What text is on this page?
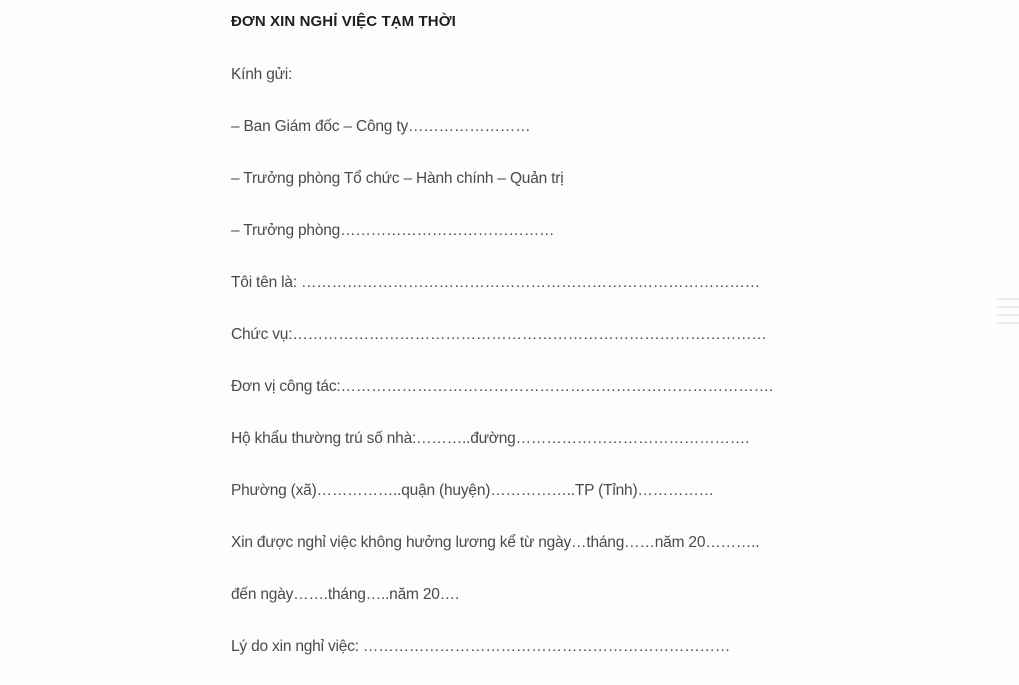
ĐƠN XIN NGHỈ VIỆC TẠM THỜI
Kính gửi:
– Ban Giám đốc – Công ty……………………
– Trưởng phòng Tổ chức – Hành chính – Quản trị
– Trưởng phòng……………………………………
Tôi tên là: ………………………………………………………………………………
Chức vụ:…………………………………………………………………………………
Đơn vị công tác:………………………………………………………………………….
Hộ khẩu thường trú số nhà:………..đường……………………………………….
Phường (xã)……………..quận (huyện)……………..TP (Tỉnh)……………
Xin được nghỉ việc không hưởng lương kể từ ngày…tháng……năm 20………..
đến ngày…….tháng…..năm 20….
Lý do xin nghỉ việc: ………………………………………………………………
